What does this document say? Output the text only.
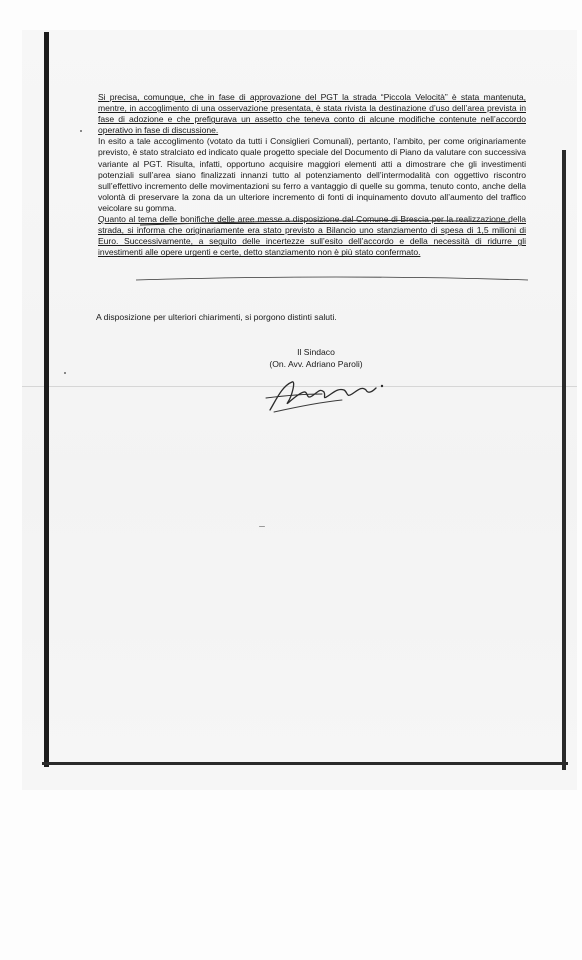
Si precisa, comunque, che in fase di approvazione del PGT la strada “Piccola Velocità” è stata mantenuta, mentre, in accoglimento di una osservazione presentata, è stata rivista la destinazione d’uso dell’area prevista in fase di adozione e che prefigurava un assetto che teneva conto di alcune modifiche contenute nell’accordo operativo in fase di discussione.

In esito a tale accoglimento (votato da tutti i Consiglieri Comunali), pertanto, l’ambito, per come originariamente previsto, è stato stralciato ed indicato quale progetto speciale del Documento di Piano da valutare con successiva variante al PGT. Risulta, infatti, opportuno acquisire maggiori elementi atti a dimostrare che gli investimenti potenziali sull’area siano finalizzati innanzi tutto al potenziamento dell’intermodalità con oggettivo riscontro sull’effettivo incremento delle movimentazioni su ferro a vantaggio di quelle su gomma, tenuto conto, anche della volontà di preservare la zona da un ulteriore incremento di fonti di inquinamento dovuto all’aumento del traffico veicolare su gomma.

Quanto al tema delle bonifiche delle aree messe a disposizione dal Comune di Brescia per la realizzazione della strada, si informa che originariamente era stato previsto a Bilancio uno stanziamento di spesa di 1,5 milioni di Euro. Successivamente, a seguito delle incertezze sull’esito dell’accordo e della necessità di ridurre gli investimenti alle opere urgenti e certe, detto stanziamento non è più stato confermato.

A disposizione per ulteriori chiarimenti, si porgono distinti saluti.
Il Sindaco
(On. Avv. Adriano Paroli)
